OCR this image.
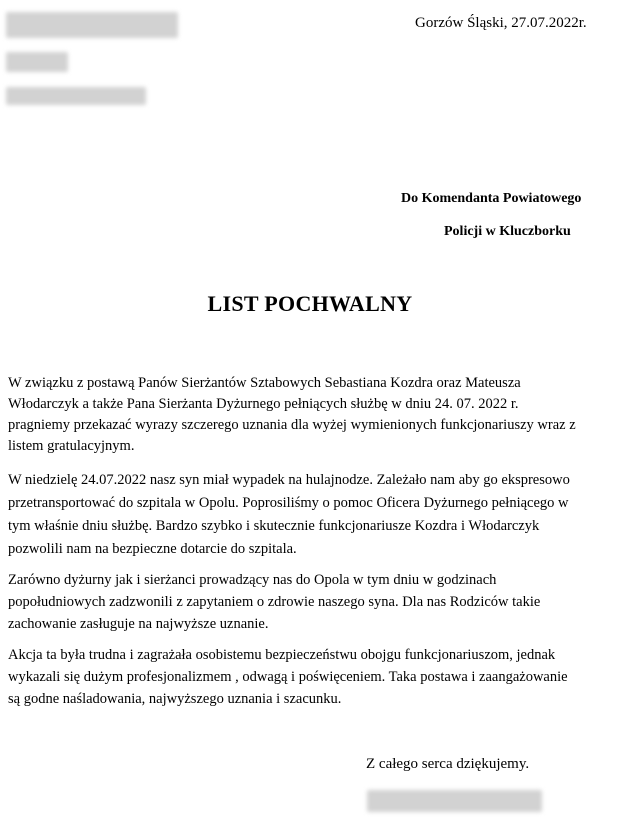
Gorzów Śląski, 27.07.2022r.
Do Komendanta Powiatowego
Policji w Kluczborku
LIST POCHWALNY
W związku z postawą Panów Sierżantów Sztabowych Sebastiana Kozdra oraz Mateusza
Włodarczyk a także Pana Sierżanta Dyżurnego pełniących służbę w dniu 24. 07. 2022 r.
pragniemy przekazać wyrazy szczerego uznania dla wyżej wymienionych funkcjonariuszy wraz z
listem gratulacyjnym.
W niedzielę 24.07.2022 nasz syn miał wypadek na hulajnodze. Zależało nam aby go ekspresowo
przetransportować do szpitala w Opolu. Poprosiliśmy o pomoc Oficera Dyżurnego pełniącego w
tym właśnie dniu służbę. Bardzo szybko i skutecznie funkcjonariusze Kozdra i Włodarczyk
pozwolili nam na bezpieczne dotarcie do szpitala.
Zarówno dyżurny jak i sierżanci prowadzący nas do Opola w tym dniu w godzinach
popołudniowych zadzwonili z zapytaniem o zdrowie naszego syna. Dla nas Rodziców takie
zachowanie zasługuje na najwyższe uznanie.
Akcja ta była trudna i zagrażała osobistemu bezpieczeństwu obojgu funkcjonariuszom, jednak
wykazali się dużym profesjonalizmem , odwagą i poświęceniem. Taka postawa i zaangażowanie
są godne naśladowania, najwyższego uznania i szacunku.
Z całego serca dziękujemy.
